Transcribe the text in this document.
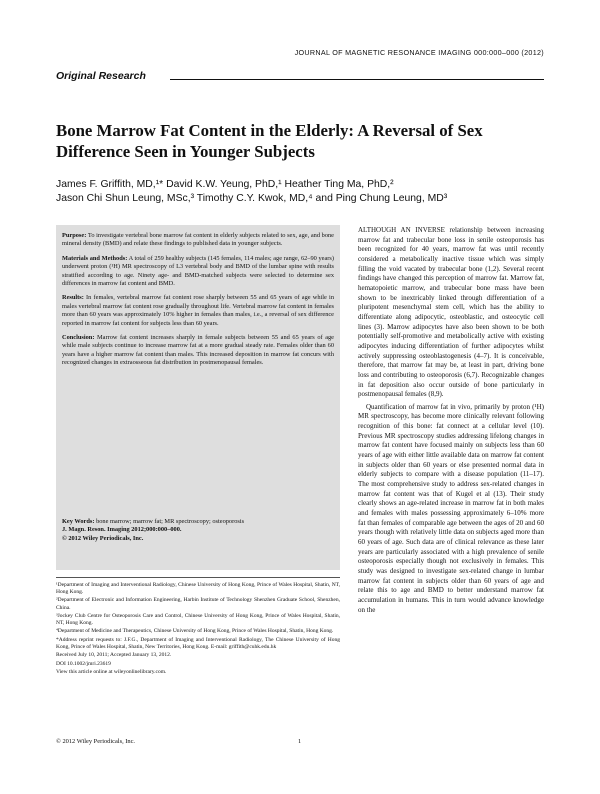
JOURNAL OF MAGNETIC RESONANCE IMAGING 000:000–000 (2012)
Original Research
Bone Marrow Fat Content in the Elderly: A Reversal of Sex Difference Seen in Younger Subjects
James F. Griffith, MD,¹* David K.W. Yeung, PhD,¹ Heather Ting Ma, PhD,²
Jason Chi Shun Leung, MSc,³ Timothy C.Y. Kwok, MD,⁴ and Ping Chung Leung, MD³

Purpose: To investigate vertebral bone marrow fat content in elderly subjects related to sex, age, and bone mineral density (BMD) and relate these findings to published data in younger subjects.

Materials and Methods: A total of 259 healthy subjects (145 females, 114 males; age range, 62–90 years) underwent proton (¹H) MR spectroscopy of L3 vertebral body and BMD of the lumbar spine with results stratified according to age. Ninety age- and BMD-matched subjects were selected to determine sex differences in marrow fat content and BMD.

Results: In females, vertebral marrow fat content rose sharply between 55 and 65 years of age while in males vertebral marrow fat content rose gradually throughout life. Vertebral marrow fat content in females more than 60 years was approximately 10% higher in females than males, i.e., a reversal of sex difference reported in marrow fat content for subjects less than 60 years.

Conclusion: Marrow fat content increases sharply in female subjects between 55 and 65 years of age while male subjects continue to increase marrow fat at a more gradual steady rate. Females older than 60 years have a higher marrow fat content than males. This increased deposition in marrow fat concurs with recognized changes in extraosseous fat distribution in postmenopausal females.

Key Words: bone marrow; marrow fat; MR spectroscopy; osteoporosis
J. Magn. Reson. Imaging 2012;000:000–000.
© 2012 Wiley Periodicals, Inc.

¹Department of Imaging and Interventional Radiology, Chinese University of Hong Kong, Prince of Wales Hospital, Shatin, NT, Hong Kong.

²Department of Electronic and Information Engineering, Harbin Institute of Technology Shenzhen Graduate School, Shenzhen, China.

³Jockey Club Centre for Osteoporosis Care and Control, Chinese University of Hong Kong, Prince of Wales Hospital, Shatin, NT, Hong Kong.

⁴Department of Medicine and Therapeutics, Chinese University of Hong Kong, Prince of Wales Hospital, Shatin, Hong Kong.

*Address reprint requests to: J.F.G., Department of Imaging and Interventional Radiology, The Chinese University of Hong Kong, Prince of Wales Hospital, Shatin, New Territories, Hong Kong. E-mail: griffith@cuhk.edu.hk

Received July 10, 2011; Accepted January 13, 2012.

DOI 10.1002/jmri.23619

View this article online at wileyonlinelibrary.com.

ALTHOUGH AN INVERSE relationship between increasing marrow fat and trabecular bone loss in senile osteoporosis has been recognized for 40 years, marrow fat was until recently considered a metabolically inactive tissue which was simply filling the void vacated by trabecular bone (1,2). Several recent findings have changed this perception of marrow fat. Marrow fat, hematopoietic marrow, and trabecular bone mass have been shown to be inextricably linked through differentiation of a pluripotent mesenchymal stem cell, which has the ability to differentiate along adipocytic, osteoblastic, and osteocytic cell lines (3). Marrow adipocytes have also been shown to be both potentially self-promotive and metabolically active with existing adipocytes inducing differentiation of further adipocytes whilst actively suppressing osteoblastogenesis (4–7). It is conceivable, therefore, that marrow fat may be, at least in part, driving bone loss and contributing to osteoporosis (6,7). Recognizable changes in fat deposition also occur outside of bone particularly in postmenopausal females (8,9).

Quantification of marrow fat in vivo, primarily by proton (¹H) MR spectroscopy, has become more clinically relevant following recognition of this bone: fat connect at a cellular level (10). Previous MR spectroscopy studies addressing lifelong changes in marrow fat content have focused mainly on subjects less than 60 years of age with either little available data on marrow fat content in subjects older than 60 years or else presented normal data in elderly subjects to compare with a disease population (11–17). The most comprehensive study to address sex-related changes in marrow fat content was that of Kugel et al (13). Their study clearly shows an age-related increase in marrow fat in both males and females with males possessing approximately 6–10% more fat than females of comparable age between the ages of 20 and 60 years though with relatively little data on subjects aged more than 60 years of age. Such data are of clinical relevance as these later years are particularly associated with a high prevalence of senile osteoporosis especially though not exclusively in females. This study was designed to investigate sex-related change in lumbar marrow fat content in subjects older than 60 years of age and relate this to age and BMD to better understand marrow fat accumulation in humans. This in turn would advance knowledge on the

© 2012 Wiley Periodicals, Inc.	1
